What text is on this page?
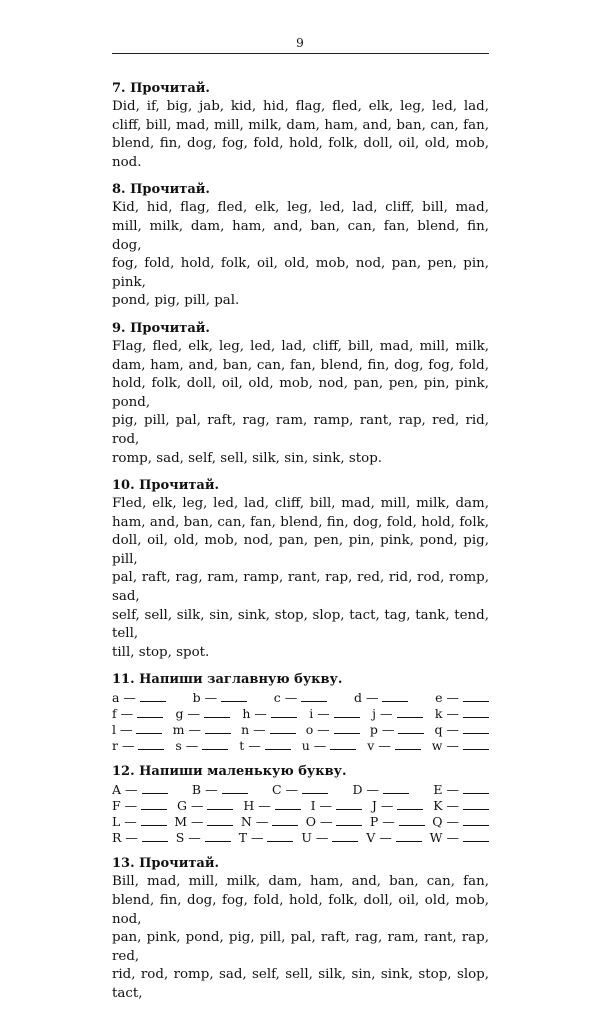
9
7. Прочитай.
Did, if, big, jab, kid, hid, flag, fled, elk, leg, led, lad,
cliff, bill, mad, mill, milk, dam, ham, and, ban, can, fan,
blend, fin, dog, fog, fold, hold, folk, doll, oil, old, mob, nod.
8. Прочитай.
Kid, hid, flag, fled, elk, leg, led, lad, cliff, bill, mad,
mill, milk, dam, ham, and, ban, can, fan, blend, fin, dog,
fog, fold, hold, folk, oil, old, mob, nod, pan, pen, pin, pink,
pond, pig, pill, pal.
9. Прочитай.
Flag, fled, elk, leg, led, lad, cliff, bill, mad, mill, milk,
dam, ham, and, ban, can, fan, blend, fin, dog, fog, fold,
hold, folk, doll, oil, old, mob, nod, pan, pen, pin, pink, pond,
pig, pill, pal, raft, rag, ram, ramp, rant, rap, red, rid, rod,
romp, sad, self, sell, silk, sin, sink, stop.
10. Прочитай.
Fled, elk, leg, led, lad, cliff, bill, mad, mill, milk, dam,
ham, and, ban, can, fan, blend, fin, dog, fold, hold, folk,
doll, oil, old, mob, nod, pan, pen, pin, pink, pond, pig, pill,
pal, raft, rag, ram, ramp, rant, rap, red, rid, rod, romp, sad,
self, sell, silk, sin, sink, stop, slop, tact, tag, tank, tend, tell,
till, stop, spot.
11. Напиши заглавную букву.
a —	b —	c —	d —	e —
f —	g —	h —	i —	j —	k —
l —	m —	n —	o —	p —	q —
r —	s —	t —	u —	v —	w —
12. Напиши маленькую букву.
A —	B —	C —	D —	E —
F —	G —	H —	I —	J —	K —
L —	M —	N —	O —	P —	Q —
R —	S —	T —	U —	V —	W —
13. Прочитай.
Bill, mad, mill, milk, dam, ham, and, ban, can, fan,
blend, fin, dog, fog, fold, hold, folk, doll, oil, old, mob, nod,
pan, pink, pond, pig, pill, pal, raft, rag, ram, rant, rap, red,
rid, rod, romp, sad, self, sell, silk, sin, sink, stop, slop, tact,
